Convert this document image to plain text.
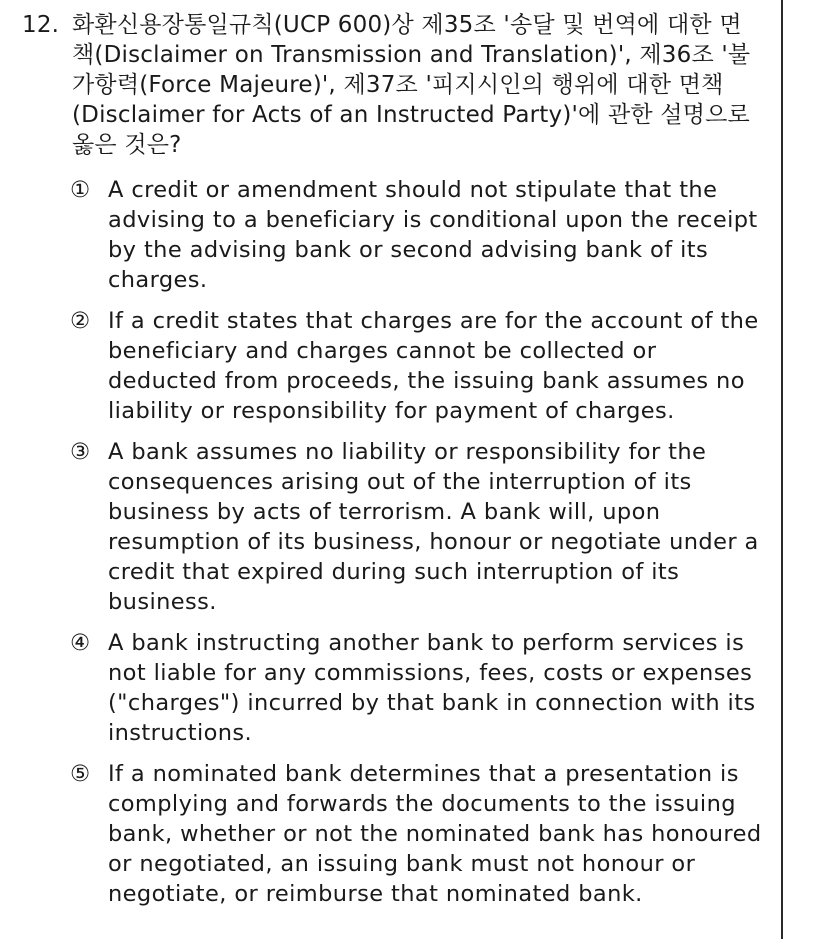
12. 화환신용장통일규칙(UCP 600)상 제35조 '송달 및 번역에 대한 면책(Disclaimer on Transmission and Translation)', 제36조 '불가항력(Force Majeure)', 제37조 '피지시인의 행위에 대한 면책(Disclaimer for Acts of an Instructed Party)'에 관한 설명으로 옳은 것은?
① A credit or amendment should not stipulate that the advising to a beneficiary is conditional upon the receipt by the advising bank or second advising bank of its charges.
② If a credit states that charges are for the account of the beneficiary and charges cannot be collected or deducted from proceeds, the issuing bank assumes no liability or responsibility for payment of charges.
③ A bank assumes no liability or responsibility for the consequences arising out of the interruption of its business by acts of terrorism. A bank will, upon resumption of its business, honour or negotiate under a credit that expired during such interruption of its business.
④ A bank instructing another bank to perform services is not liable for any commissions, fees, costs or expenses ("charges") incurred by that bank in connection with its instructions.
⑤ If a nominated bank determines that a presentation is complying and forwards the documents to the issuing bank, whether or not the nominated bank has honoured or negotiated, an issuing bank must not honour or negotiate, or reimburse that nominated bank.
